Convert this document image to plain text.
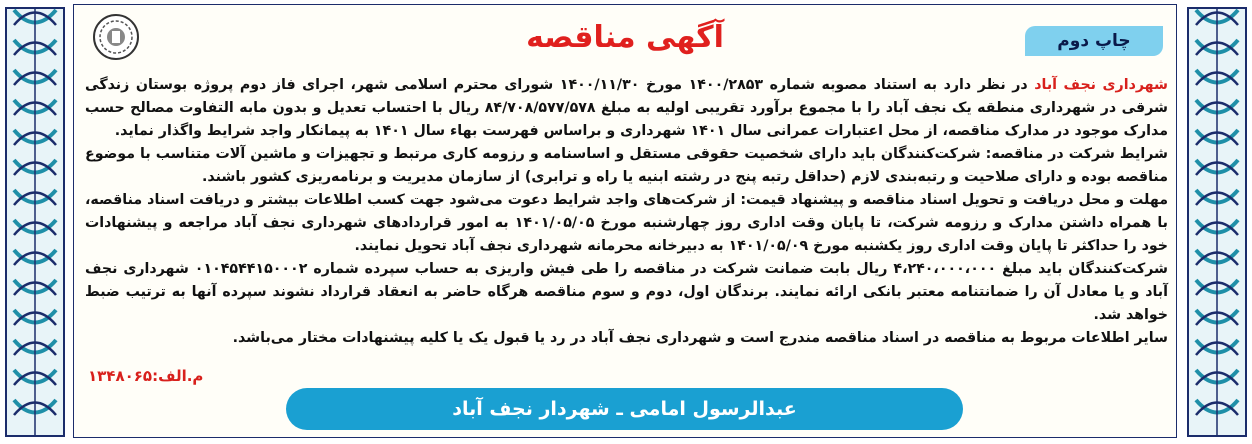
چاپ دوم
آگهی مناقصه

شهرداری نجف آباد در نظر دارد به استناد مصوبه شماره ۱۴۰۰/۲۸۵۳ مورخ ۱۴۰۰/۱۱/۳۰ شورای محترم اسلامی شهر، اجرای فاز دوم پروژه بوستان زندگی شرقی در شهرداری منطقه یک نجف آباد را با مجموع برآورد تقریبی اولیه به مبلغ ۸۴/۷۰۸/۵۷۷/۵۷۸ ریال با احتساب تعدیل و بدون مابه التفاوت مصالح حسب مدارک موجود در مدارک مناقصه، از محل اعتبارات عمرانی سال ۱۴۰۱ شهرداری و براساس فهرست بهاء سال ۱۴۰۱ به پیمانکار واجد شرایط واگذار نماید.

شرایط شرکت در مناقصه: شرکت‌کنندگان باید دارای شخصیت حقوقی مستقل و اساسنامه و رزومه کاری مرتبط و تجهیزات و ماشین آلات متناسب با موضوع مناقصه بوده و دارای صلاحیت و رتبه‌بندی لازم (حداقل رتبه پنج در رشته ابنیه یا راه و ترابری) از سازمان مدیریت و برنامه‌ریزی کشور باشند.

مهلت و محل دریافت و تحویل اسناد مناقصه و پیشنهاد قیمت: از شرکت‌های واجد شرایط دعوت می‌شود جهت کسب اطلاعات بیشتر و دریافت اسناد مناقصه، با همراه داشتن مدارک و رزومه شرکت، تا پایان وقت اداری روز چهارشنبه مورخ ۱۴۰۱/۰۵/۰۵ به امور قراردادهای شهرداری نجف آباد مراجعه و پیشنهادات خود را حداکثر تا پایان وقت اداری روز یکشنبه مورخ ۱۴۰۱/۰۵/۰۹ به دبیرخانه محرمانه شهرداری نجف آباد تحویل نمایند.

شرکت‌کنندگان باید مبلغ ۴،۲۴۰،۰۰۰،۰۰۰ ریال بابت ضمانت شرکت در مناقصه را طی فیش واریزی به حساب سپرده شماره ۰۱۰۴۵۴۴۱۵۰۰۰۲ شهرداری نجف آباد و یا معادل آن را ضمانتنامه معتبر بانکی ارائه نمایند. برندگان اول، دوم و سوم مناقصه هرگاه حاضر به انعقاد قرارداد نشوند سپرده آنها به ترتیب ضبط خواهد شد.

سایر اطلاعات مربوط به مناقصه در اسناد مناقصه مندرج است و شهرداری نجف آباد در رد یا قبول یک یا کلیه پیشنهادات مختار می‌باشد.

م.الف:۱۳۴۸۰۶۵
عبدالرسول امامی ـ شهردار نجف آباد
